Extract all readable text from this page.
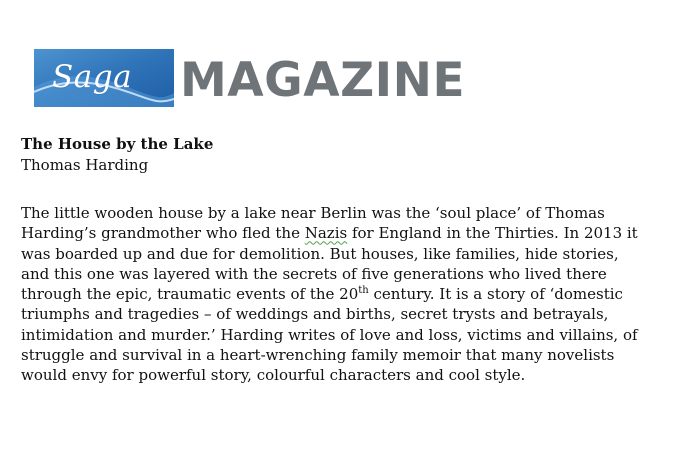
Saga MAGAZINE
The House by the Lake
Thomas Harding
The little wooden house by a lake near Berlin was the ‘soul place’ of Thomas
Harding’s grandmother who fled the Nazis for England in the Thirties. In 2013 it
was boarded up and due for demolition. But houses, like families, hide stories,
and this one was layered with the secrets of five generations who lived there
through the epic, traumatic events of the 20th century. It is a story of ‘domestic
triumphs and tragedies – of weddings and births, secret trysts and betrayals,
intimidation and murder.’ Harding writes of love and loss, victims and villains, of
struggle and survival in a heart-wrenching family memoir that many novelists
would envy for powerful story, colourful characters and cool style.
